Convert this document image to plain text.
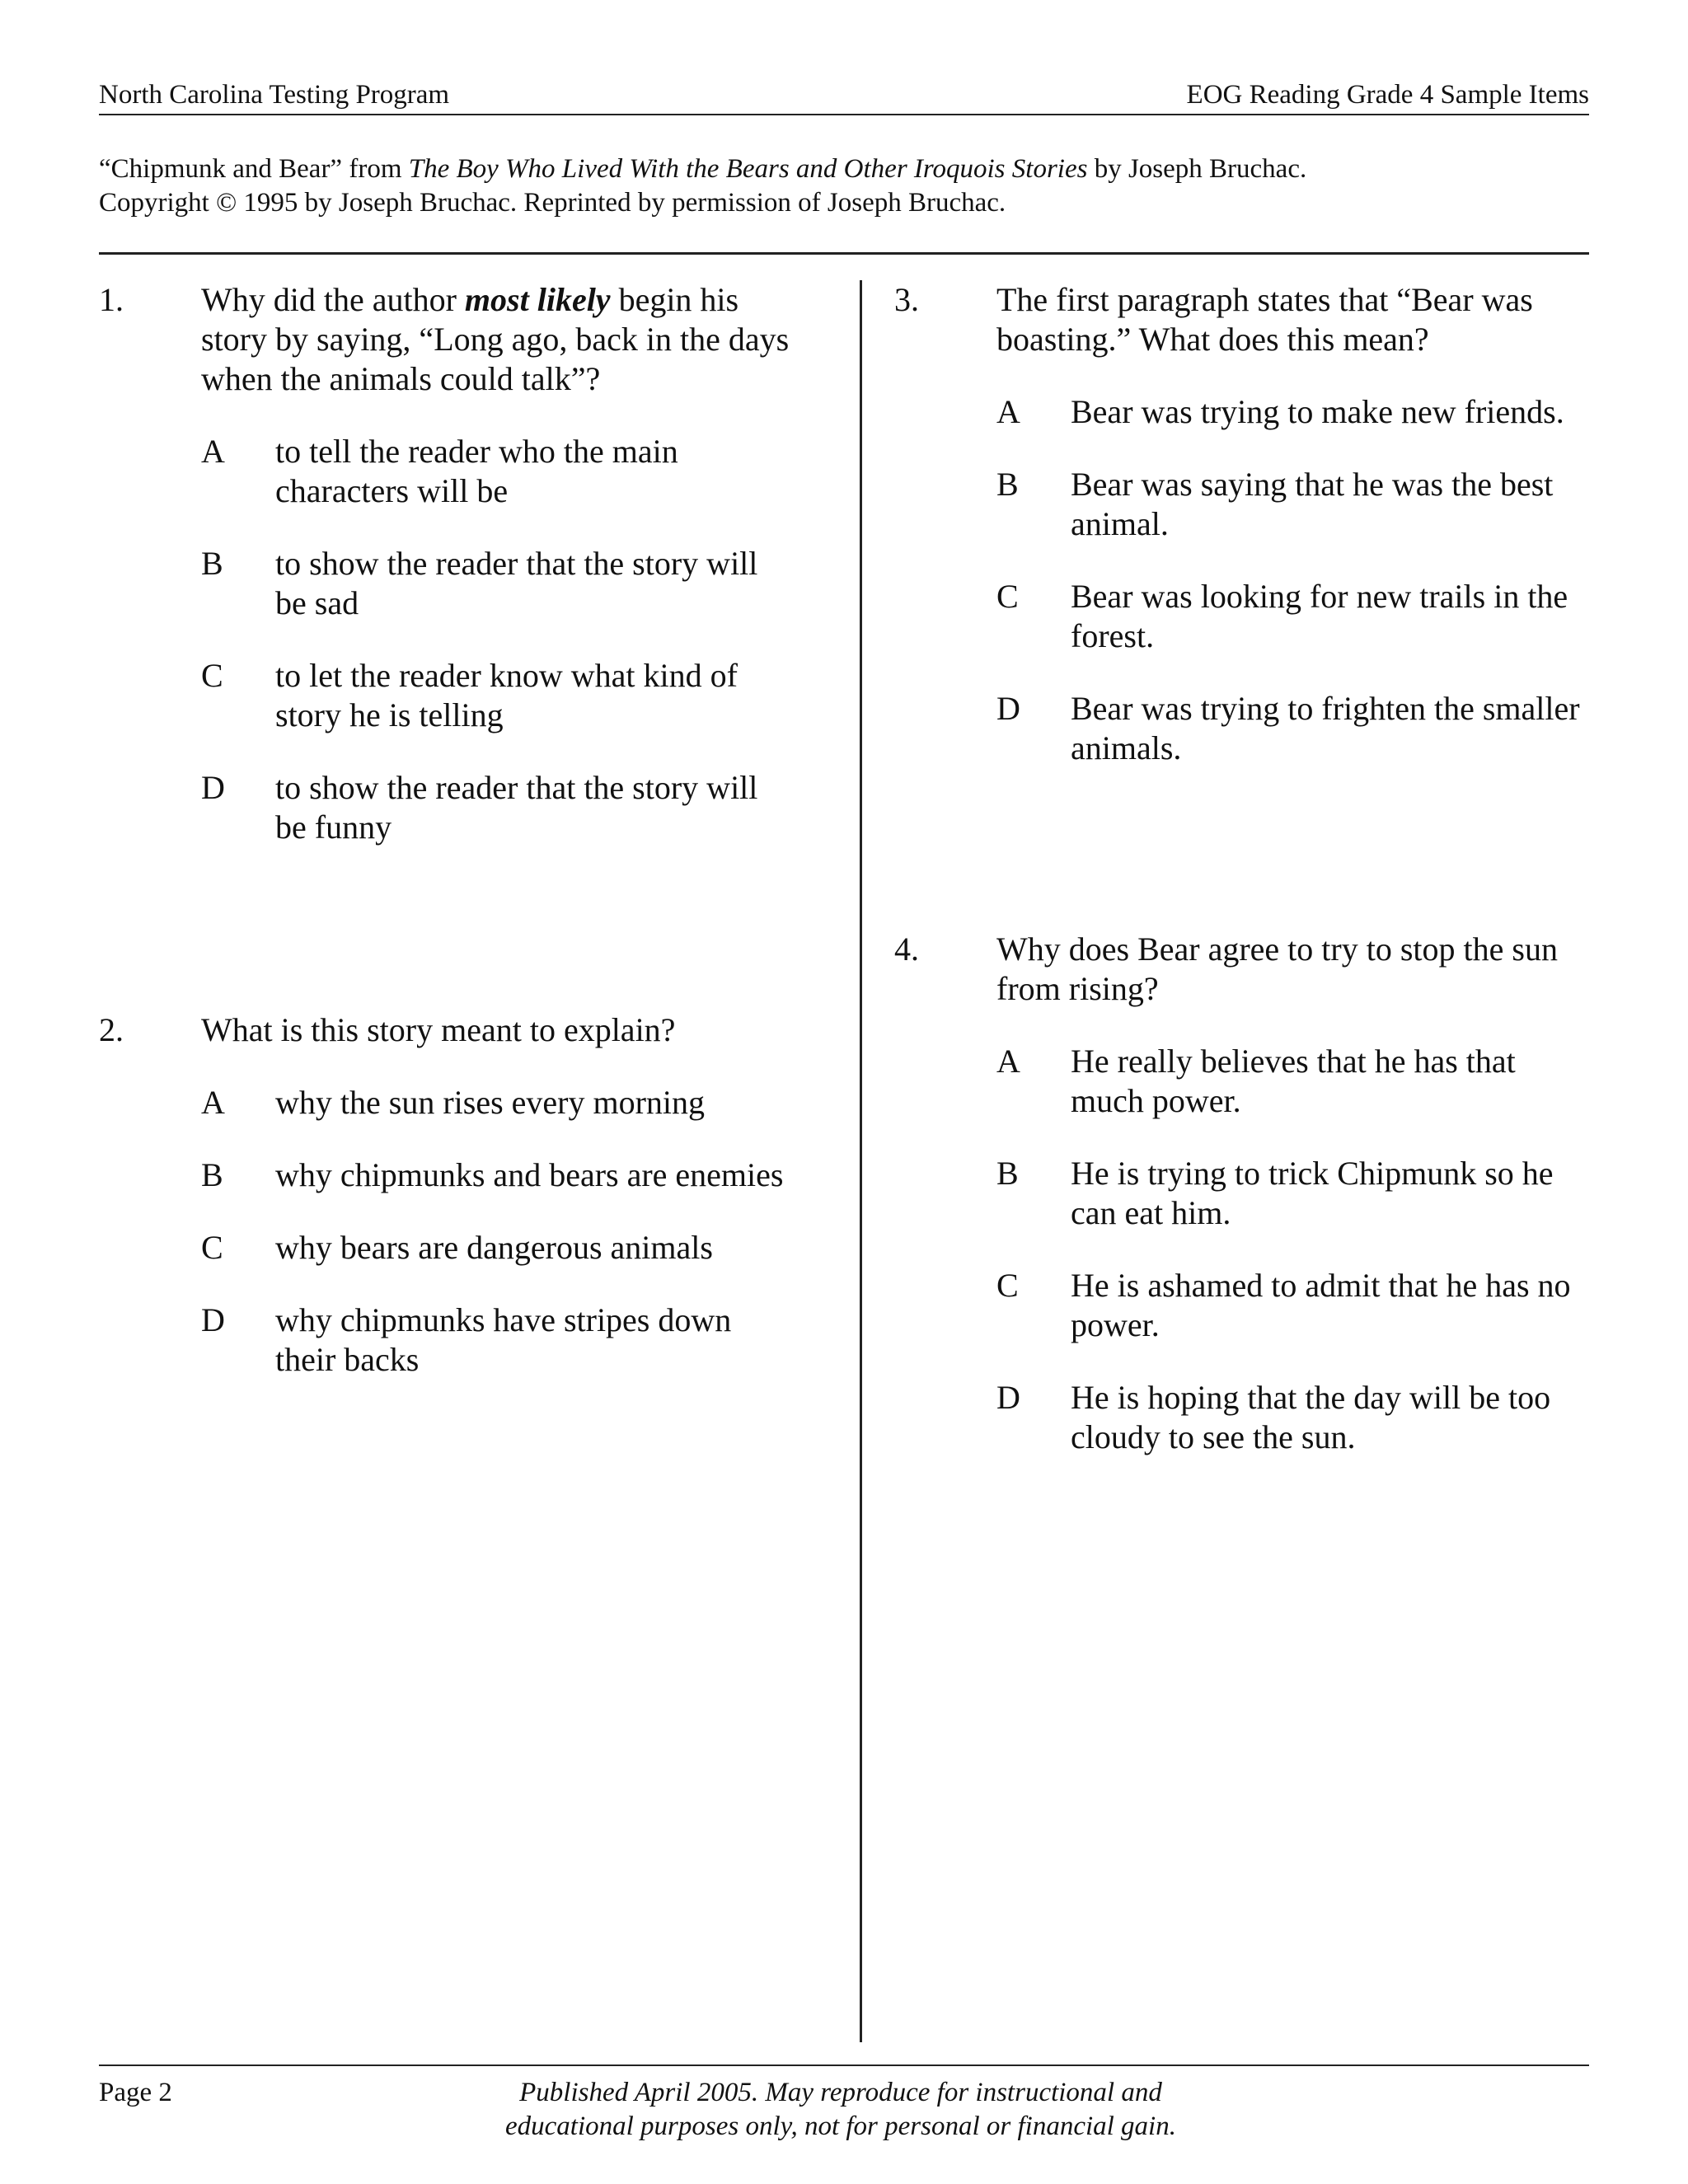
North Carolina Testing Program	EOG Reading Grade 4 Sample Items
“Chipmunk and Bear” from The Boy Who Lived With the Bears and Other Iroquois Stories by Joseph Bruchac.
Copyright © 1995 by Joseph Bruchac. Reprinted by permission of Joseph Bruchac.
1. Why did the author most likely begin his story by saying, “Long ago, back in the days when the animals could talk”?
A to tell the reader who the main characters will be
B to show the reader that the story will be sad
C to let the reader know what kind of story he is telling
D to show the reader that the story will be funny
2. What is this story meant to explain?
A why the sun rises every morning
B why chipmunks and bears are enemies
C why bears are dangerous animals
D why chipmunks have stripes down their backs
3. The first paragraph states that “Bear was boasting.” What does this mean?
A Bear was trying to make new friends.
B Bear was saying that he was the best animal.
C Bear was looking for new trails in the forest.
D Bear was trying to frighten the smaller animals.
4. Why does Bear agree to try to stop the sun from rising?
A He really believes that he has that much power.
B He is trying to trick Chipmunk so he can eat him.
C He is ashamed to admit that he has no power.
D He is hoping that the day will be too cloudy to see the sun.
Page 2	Published April 2005. May reproduce for instructional and
educational purposes only, not for personal or financial gain.
